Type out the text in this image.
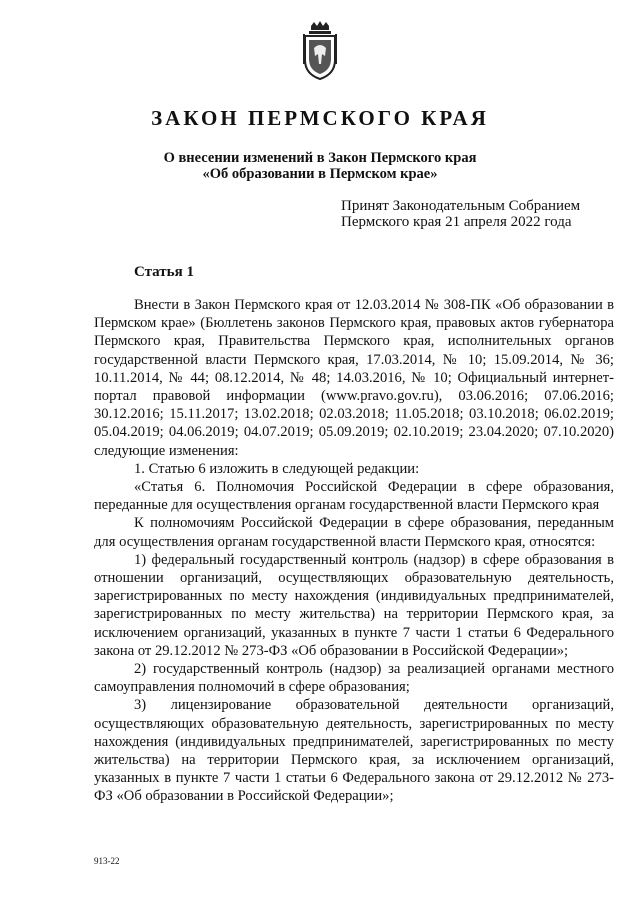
ЗАКОН ПЕРМСКОГО КРАЯ
О внесении изменений в Закон Пермского края
«Об образовании в Пермском крае»
Принят Законодательным Собранием
Пермского края 21 апреля 2022 года
Статья 1

Внести в Закон Пермского края от 12.03.2014 № 308-ПК «Об образовании в Пермском крае» (Бюллетень законов Пермского края, правовых актов губернатора Пермского края, Правительства Пермского края, исполнительных органов государственной власти Пермского края, 17.03.2014, № 10; 15.09.2014, № 36; 10.11.2014, № 44; 08.12.2014, № 48; 14.03.2016, № 10; Официальный интернет-портал правовой информации (www.pravo.gov.ru), 03.06.2016; 07.06.2016; 30.12.2016; 15.11.2017; 13.02.2018; 02.03.2018; 11.05.2018; 03.10.2018; 06.02.2019; 05.04.2019; 04.06.2019; 04.07.2019; 05.09.2019; 02.10.2019; 23.04.2020; 07.10.2020) следующие изменения:

1. Статью 6 изложить в следующей редакции:

«Статья 6. Полномочия Российской Федерации в сфере образования, переданные для осуществления органам государственной власти Пермского края

К полномочиям Российской Федерации в сфере образования, переданным для осуществления органам государственной власти Пермского края, относятся:

1) федеральный государственный контроль (надзор) в сфере образования в отношении организаций, осуществляющих образовательную деятельность, зарегистрированных по месту нахождения (индивидуальных предпринимателей, зарегистрированных по месту жительства) на территории Пермского края, за исключением организаций, указанных в пункте 7 части 1 статьи 6 Федерального закона от 29.12.2012 № 273-ФЗ «Об образовании в Российской Федерации»;

2) государственный контроль (надзор) за реализацией органами местного самоуправления полномочий в сфере образования;

3) лицензирование образовательной деятельности организаций, осуществляющих образовательную деятельность, зарегистрированных по месту нахождения (индивидуальных предпринимателей, зарегистрированных по месту жительства) на территории Пермского края, за исключением организаций, указанных в пункте 7 части 1 статьи 6 Федерального закона от 29.12.2012 № 273-ФЗ «Об образовании в Российской Федерации»;

913-22
